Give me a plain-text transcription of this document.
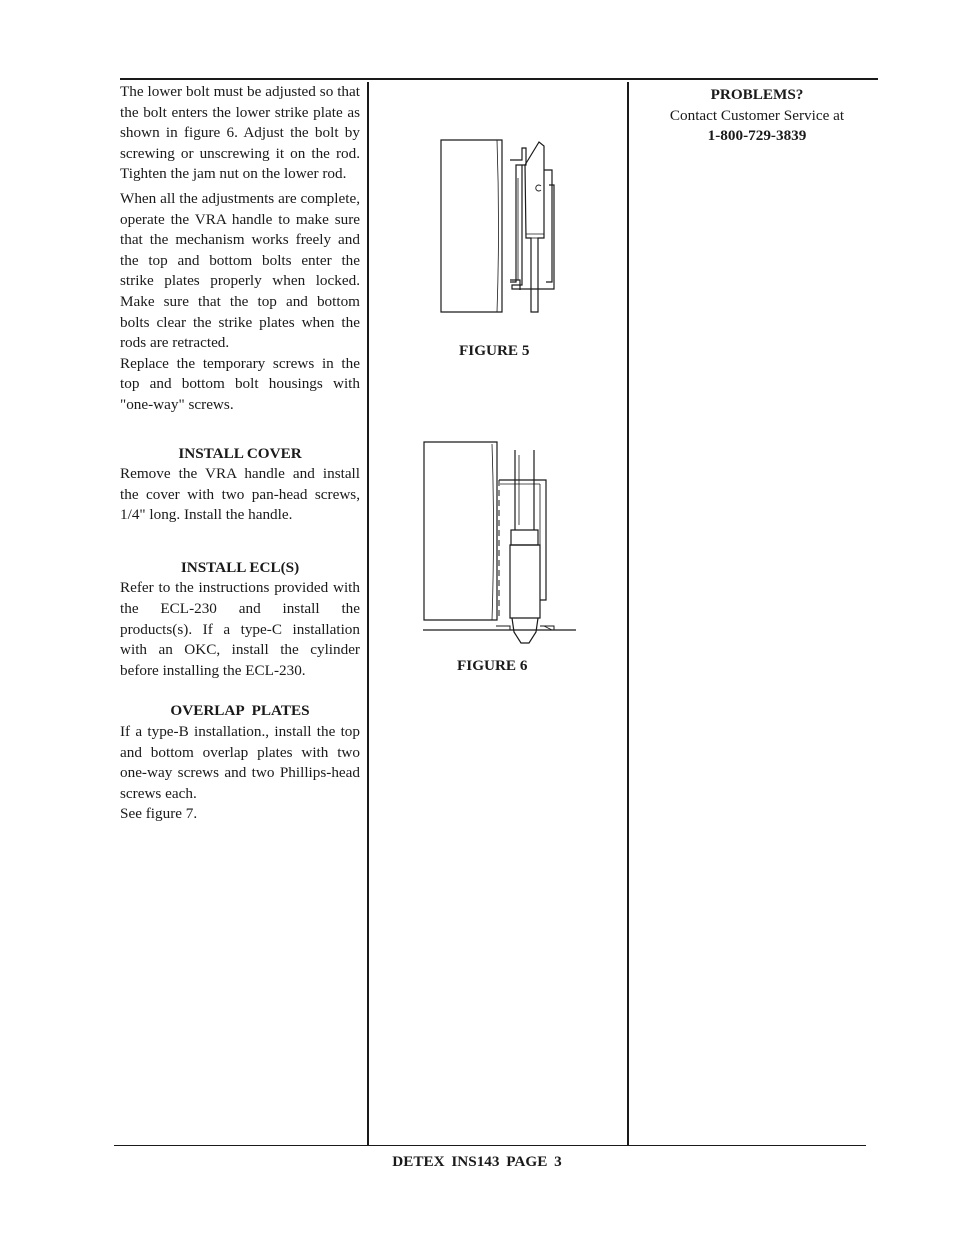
The lower bolt must be adjusted so that the bolt enters the lower strike plate as shown in figure 6. Adjust the bolt by screwing or unscrewing it on the rod. Tighten the jam nut on the lower rod.

When all the adjustments are complete, operate the VRA handle to make sure that the mechanism works freely and the top and bottom bolts enter the strike plates properly when locked. Make sure that the top and bottom bolts clear the strike plates when the rods are retracted.

Replace the temporary screws in the top and bottom bolt housings with "one-way" screws.

INSTALL COVER

Remove the VRA handle and install the cover with two pan-head screws, 1/4" long. Install the handle.

INSTALL ECL(S)

Refer to the instructions provided with the ECL-230 and install the products(s). If a type-C installation with an OKC, install the cylinder before installing the ECL-230.

OVERLAP PLATES

If a type-B installation., install the top and bottom overlap plates with two one-way screws and two Phillips-head screws each.

See figure 7.

FIGURE 5
FIGURE 6
PROBLEMS?
Contact Customer Service at
1-800-729-3839
DETEX INS143 PAGE 3
